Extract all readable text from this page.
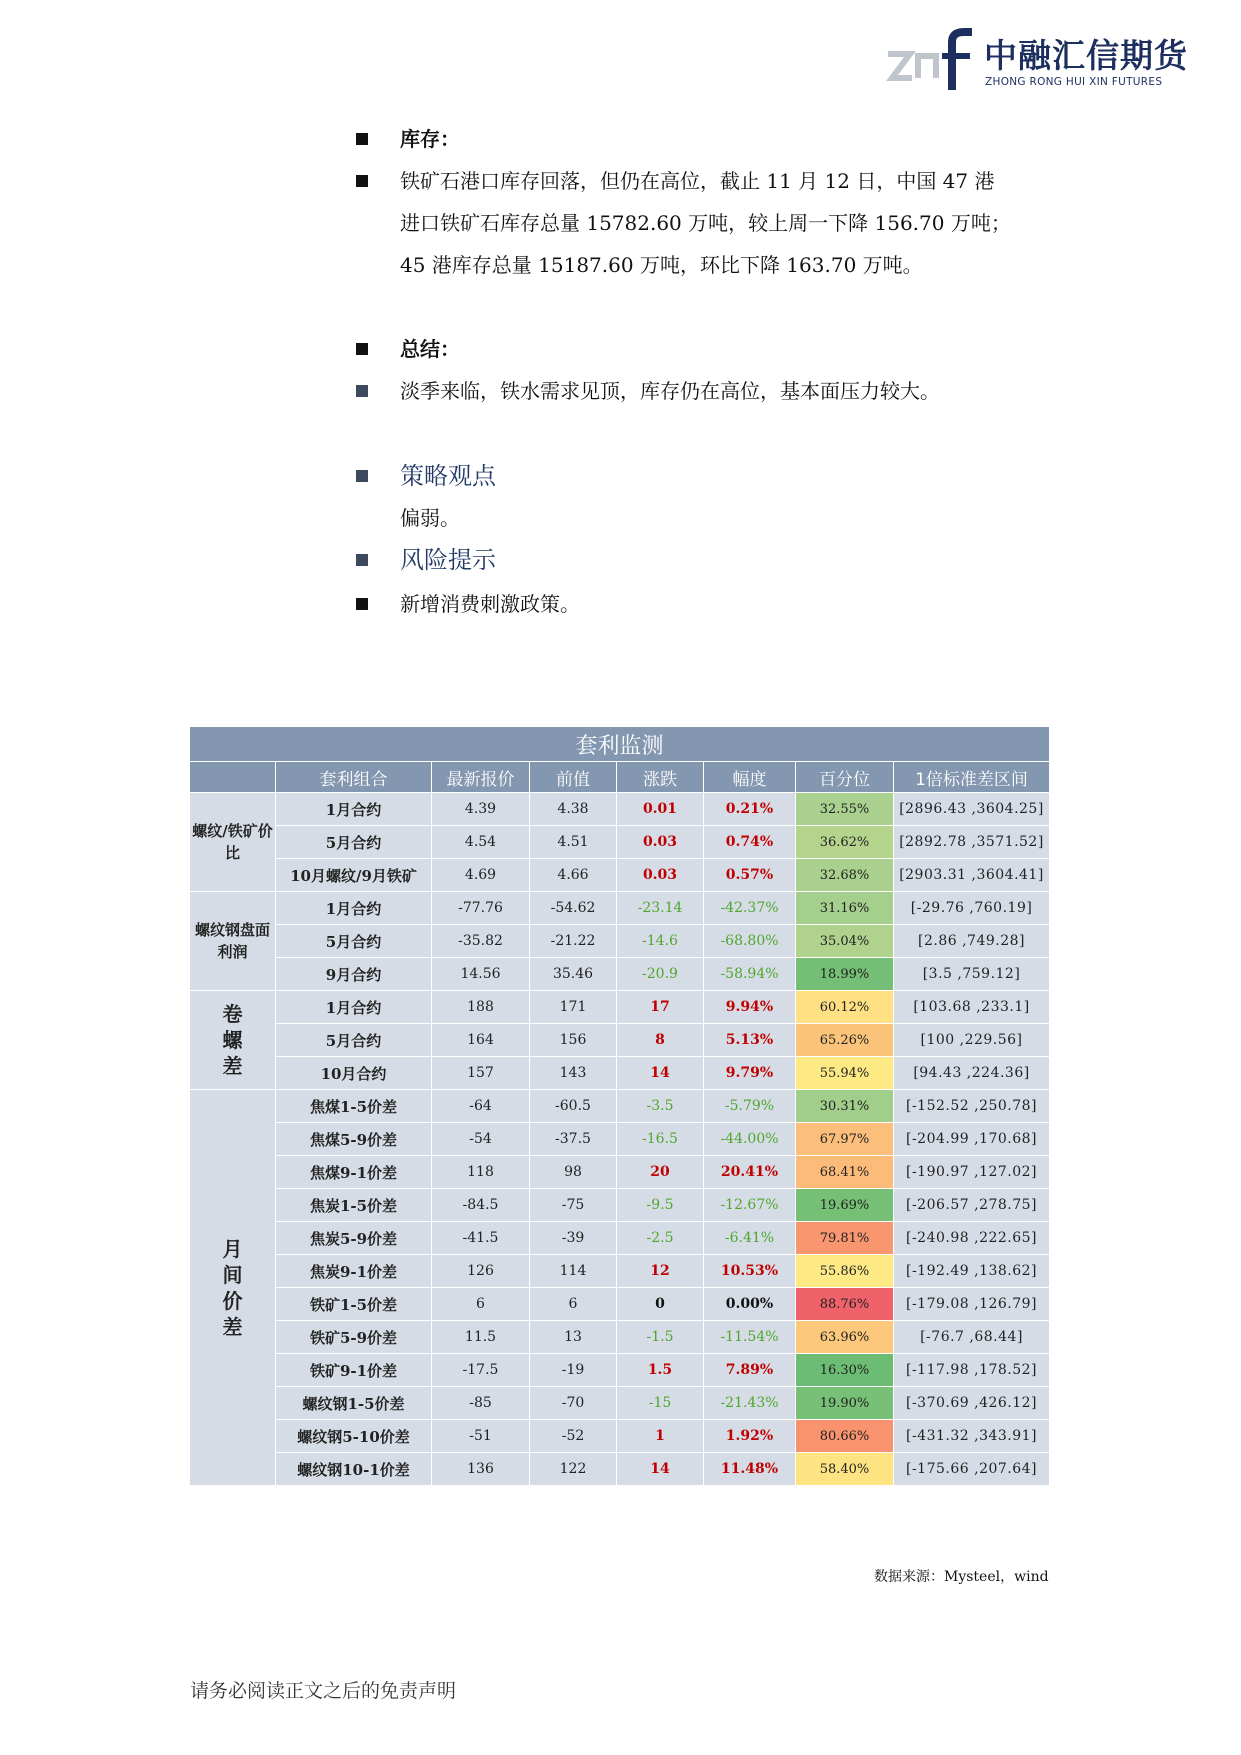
中融汇信期货
ZHONG RONG HUI XIN FUTURES
库存：
铁矿石港口库存回落，但仍在高位，截止 11 月 12 日，中国 47 港
进口铁矿石库存总量 15782.60 万吨，较上周一下降 156.70 万吨；
45 港库存总量 15187.60 万吨，环比下降 163.70 万吨。
总结：
淡季来临，铁水需求见顶，库存仍在高位，基本面压力较大。
策略观点
偏弱。
风险提示
新增消费刺激政策。
套利监测							
	套利组合	最新报价	前值	涨跌	幅度	百分位	1倍标准差区间
螺纹/铁矿价比	1月合约	4.39	4.38	0.01	0.21%	32.55%	[2896.43 ,3604.25]
	5月合约	4.54	4.51	0.03	0.74%	36.62%	[2892.78 ,3571.52]
	10月螺纹/9月铁矿	4.69	4.66	0.03	0.57%	32.68%	[2903.31 ,3604.41]
螺纹钢盘面利润	1月合约	-77.76	-54.62	-23.14	-42.37%	31.16%	[-29.76 ,760.19]
	5月合约	-35.82	-21.22	-14.6	-68.80%	35.04%	[2.86 ,749.28]
	9月合约	14.56	35.46	-20.9	-58.94%	18.99%	[3.5 ,759.12]
卷
螺
差	1月合约	188	171	17	9.94%	60.12%	[103.68 ,233.1]
	5月合约	164	156	8	5.13%	65.26%	[100 ,229.56]
	10月合约	157	143	14	9.79%	55.94%	[94.43 ,224.36]
月
间
价
差	焦煤1-5价差	-64	-60.5	-3.5	-5.79%	30.31%	[-152.52 ,250.78]
	焦煤5-9价差	-54	-37.5	-16.5	-44.00%	67.97%	[-204.99 ,170.68]
	焦煤9-1价差	118	98	20	20.41%	68.41%	[-190.97 ,127.02]
	焦炭1-5价差	-84.5	-75	-9.5	-12.67%	19.69%	[-206.57 ,278.75]
	焦炭5-9价差	-41.5	-39	-2.5	-6.41%	79.81%	[-240.98 ,222.65]
	焦炭9-1价差	126	114	12	10.53%	55.86%	[-192.49 ,138.62]
	铁矿1-5价差	6	6	0	0.00%	88.76%	[-179.08 ,126.79]
	铁矿5-9价差	11.5	13	-1.5	-11.54%	63.96%	[-76.7 ,68.44]
	铁矿9-1价差	-17.5	-19	1.5	7.89%	16.30%	[-117.98 ,178.52]
	螺纹钢1-5价差	-85	-70	-15	-21.43%	19.90%	[-370.69 ,426.12]
	螺纹钢5-10价差	-51	-52	1	1.92%	80.66%	[-431.32 ,343.91]
	螺纹钢10-1价差	136	122	14	11.48%	58.40%	[-175.66 ,207.64]
数据来源：Mysteel，wind
请务必阅读正文之后的免责声明
